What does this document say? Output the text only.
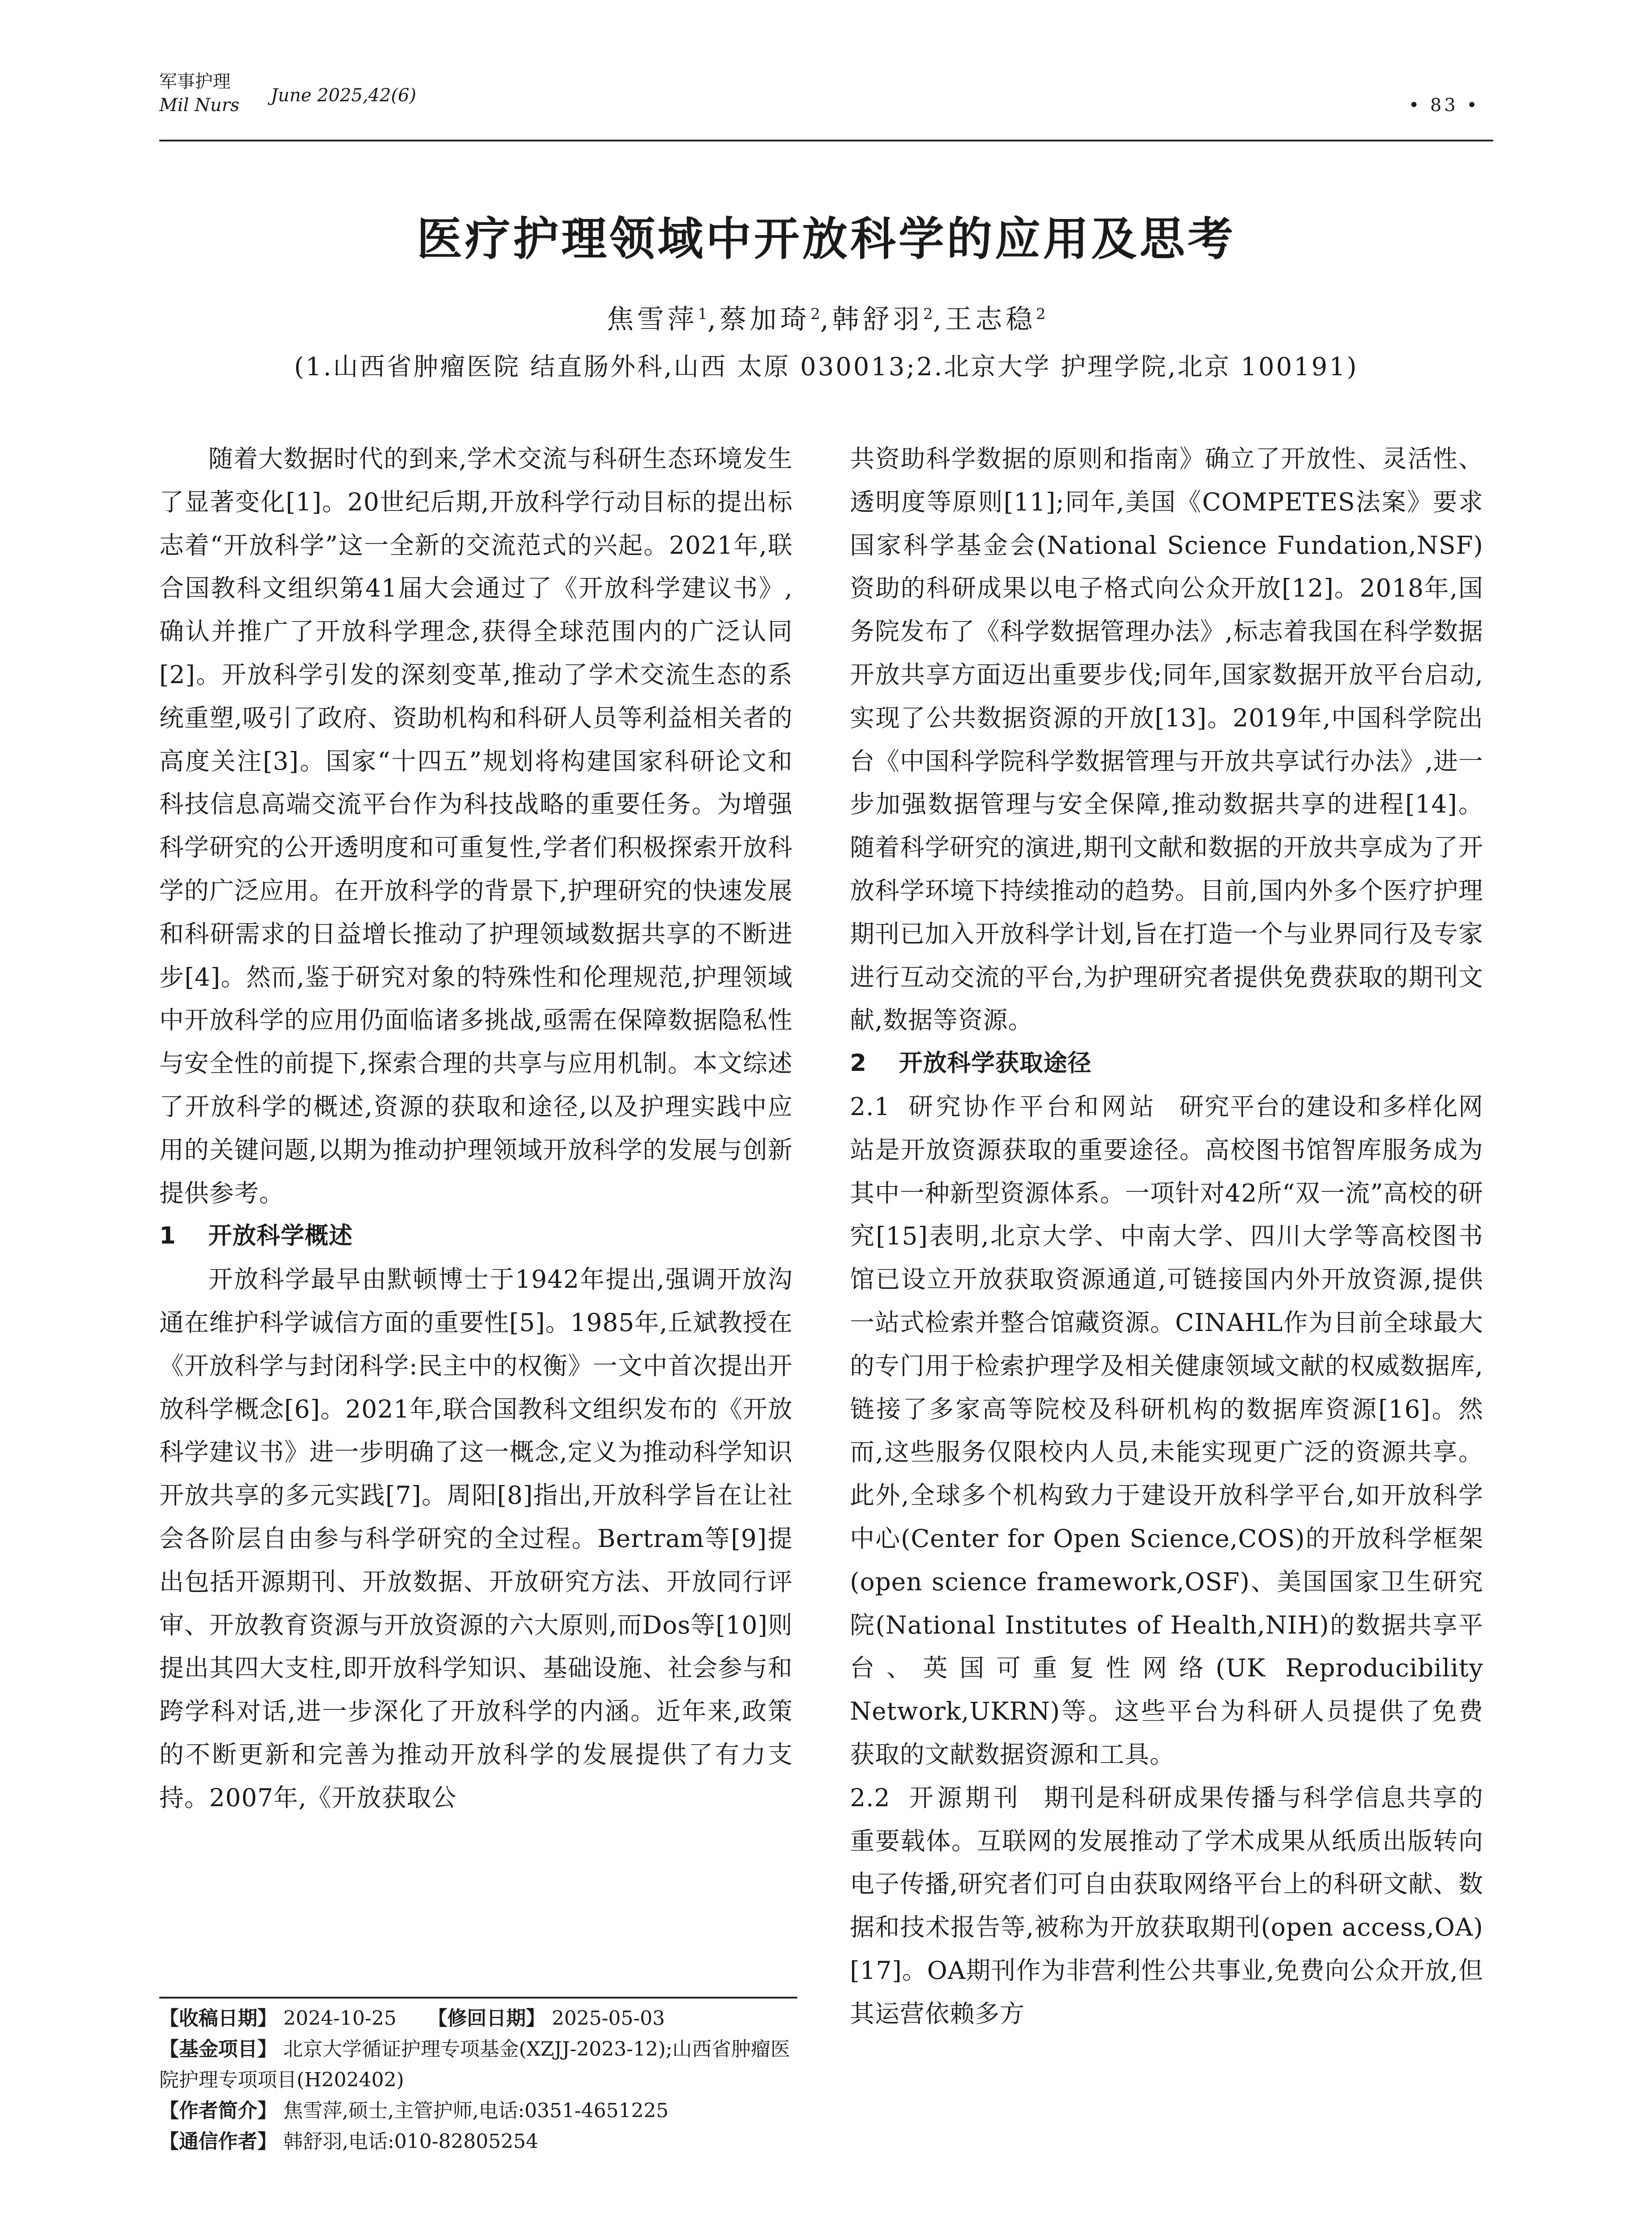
军事护理
Mil Nurs June 2025,42(6)	• 83 •
医疗护理领域中开放科学的应用及思考
焦雪萍$^1$,蔡加琦$^2$,韩舒羽$^2$,王志稳$^2$
(1.山西省肿瘤医院 结直肠外科,山西 太原 030013;2.北京大学 护理学院,北京 100191)

随着大数据时代的到来,学术交流与科研生态环境发生了显著变化[1]。20世纪后期,开放科学行动目标的提出标志着“开放科学”这一全新的交流范式的兴起。2021年,联合国教科文组织第41届大会通过了《开放科学建议书》,确认并推广了开放科学理念,获得全球范围内的广泛认同[2]。开放科学引发的深刻变革,推动了学术交流生态的系统重塑,吸引了政府、资助机构和科研人员等利益相关者的高度关注[3]。国家“十四五”规划将构建国家科研论文和科技信息高端交流平台作为科技战略的重要任务。为增强科学研究的公开透明度和可重复性,学者们积极探索开放科学的广泛应用。在开放科学的背景下,护理研究的快速发展和科研需求的日益增长推动了护理领域数据共享的不断进步[4]。然而,鉴于研究对象的特殊性和伦理规范,护理领域中开放科学的应用仍面临诸多挑战,亟需在保障数据隐私性与安全性的前提下,探索合理的共享与应用机制。本文综述了开放科学的概述,资源的获取和途径,以及护理实践中应用的关键问题,以期为推动护理领域开放科学的发展与创新提供参考。

1 开放科学概述

开放科学最早由默顿博士于1942年提出,强调开放沟通在维护科学诚信方面的重要性[5]。1985年,丘斌教授在《开放科学与封闭科学:民主中的权衡》一文中首次提出开放科学概念[6]。2021年,联合国教科文组织发布的《开放科学建议书》进一步明确了这一概念,定义为推动科学知识开放共享的多元实践[7]。周阳[8]指出,开放科学旨在让社会各阶层自由参与科学研究的全过程。Bertram等[9]提出包括开源期刊、开放数据、开放研究方法、开放同行评审、开放教育资源与开放资源的六大原则,而Dos等[10]则提出其四大支柱,即开放科学知识、基础设施、社会参与和跨学科对话,进一步深化了开放科学的内涵。近年来,政策的不断更新和完善为推动开放科学的发展提供了有力支持。2007年,《开放获取公

共资助科学数据的原则和指南》确立了开放性、灵活性、透明度等原则[11];同年,美国《COMPETES法案》要求国家科学基金会(National Science Fundation,NSF)资助的科研成果以电子格式向公众开放[12]。2018年,国务院发布了《科学数据管理办法》,标志着我国在科学数据开放共享方面迈出重要步伐;同年,国家数据开放平台启动,实现了公共数据资源的开放[13]。2019年,中国科学院出台《中国科学院科学数据管理与开放共享试行办法》,进一步加强数据管理与安全保障,推动数据共享的进程[14]。随着科学研究的演进,期刊文献和数据的开放共享成为了开放科学环境下持续推动的趋势。目前,国内外多个医疗护理期刊已加入开放科学计划,旨在打造一个与业界同行及专家进行互动交流的平台,为护理研究者提供免费获取的期刊文献,数据等资源。

2 开放科学获取途径

2.1 研究协作平台和网站 研究平台的建设和多样化网站是开放资源获取的重要途径。高校图书馆智库服务成为其中一种新型资源体系。一项针对42所“双一流”高校的研究[15]表明,北京大学、中南大学、四川大学等高校图书馆已设立开放获取资源通道,可链接国内外开放资源,提供一站式检索并整合馆藏资源。CINAHL作为目前全球最大的专门用于检索护理学及相关健康领域文献的权威数据库,链接了多家高等院校及科研机构的数据库资源[16]。然而,这些服务仅限校内人员,未能实现更广泛的资源共享。此外,全球多个机构致力于建设开放科学平台,如开放科学中心(Center for Open Science,COS)的开放科学框架(open science framework,OSF)、美国国家卫生研究院(National Institutes of Health,NIH)的数据共享平台、英国可重复性网络(UK Reproducibility Network,UKRN)等。这些平台为科研人员提供了免费获取的文献数据资源和工具。

2.2 开源期刊 期刊是科研成果传播与科学信息共享的重要载体。互联网的发展推动了学术成果从纸质出版转向电子传播,研究者们可自由获取网络平台上的科研文献、数据和技术报告等,被称为开放获取期刊(open access,OA)[17]。OA期刊作为非营利性公共事业,免费向公众开放,但其运营依赖多方

【收稿日期】 2024-10-25 【修回日期】 2025-05-03

【基金项目】 北京大学循证护理专项基金(XZJJ-2023-12);山西省肿瘤医院护理专项项目(H202402)

【作者简介】 焦雪萍,硕士,主管护师,电话:0351-4651225

【通信作者】 韩舒羽,电话:010-82805254
